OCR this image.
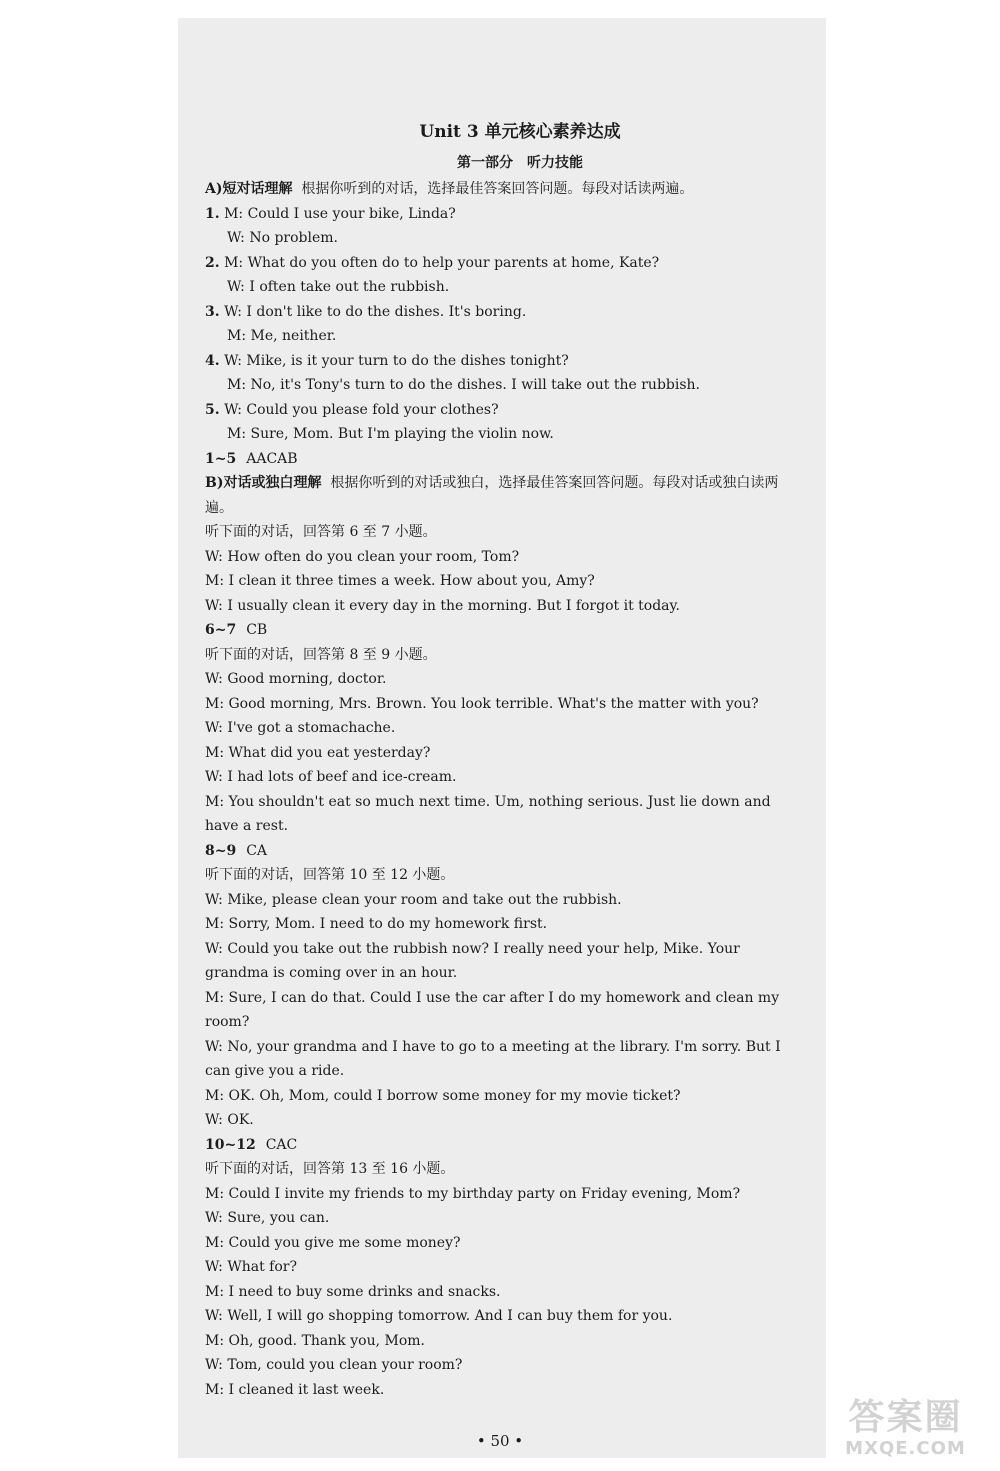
Unit 3 单元核心素养达成
第一部分　听力技能
A)短对话理解 根据你听到的对话，选择最佳答案回答问题。每段对话读两遍。
1. M: Could I use your bike, Linda?
W: No problem.
2. M: What do you often do to help your parents at home, Kate?
W: I often take out the rubbish.
3. W: I don't like to do the dishes. It's boring.
M: Me, neither.
4. W: Mike, is it your turn to do the dishes tonight?
M: No, it's Tony's turn to do the dishes. I will take out the rubbish.
5. W: Could you please fold your clothes?
M: Sure, Mom. But I'm playing the violin now.
1~5 AACAB
B)对话或独白理解 根据你听到的对话或独白，选择最佳答案回答问题。每段对话或独白读两遍。
听下面的对话，回答第 6 至 7 小题。
W: How often do you clean your room, Tom?
M: I clean it three times a week. How about you, Amy?
W: I usually clean it every day in the morning. But I forgot it today.
6~7 CB
听下面的对话，回答第 8 至 9 小题。
W: Good morning, doctor.
M: Good morning, Mrs. Brown. You look terrible. What's the matter with you?
W: I've got a stomachache.
M: What did you eat yesterday?
W: I had lots of beef and ice-cream.
M: You shouldn't eat so much next time. Um, nothing serious. Just lie down and have a rest.
8~9 CA
听下面的对话，回答第 10 至 12 小题。
W: Mike, please clean your room and take out the rubbish.
M: Sorry, Mom. I need to do my homework first.
W: Could you take out the rubbish now? I really need your help, Mike. Your grandma is coming over in an hour.
M: Sure, I can do that. Could I use the car after I do my homework and clean my room?
W: No, your grandma and I have to go to a meeting at the library. I'm sorry. But I can give you a ride.
M: OK. Oh, Mom, could I borrow some money for my movie ticket?
W: OK.
10~12 CAC
听下面的对话，回答第 13 至 16 小题。
M: Could I invite my friends to my birthday party on Friday evening, Mom?
W: Sure, you can.
M: Could you give me some money?
W: What for?
M: I need to buy some drinks and snacks.
W: Well, I will go shopping tomorrow. And I can buy them for you.
M: Oh, good. Thank you, Mom.
W: Tom, could you clean your room?
M: I cleaned it last week.
• 50 •
答案圈
MXQE.COM
